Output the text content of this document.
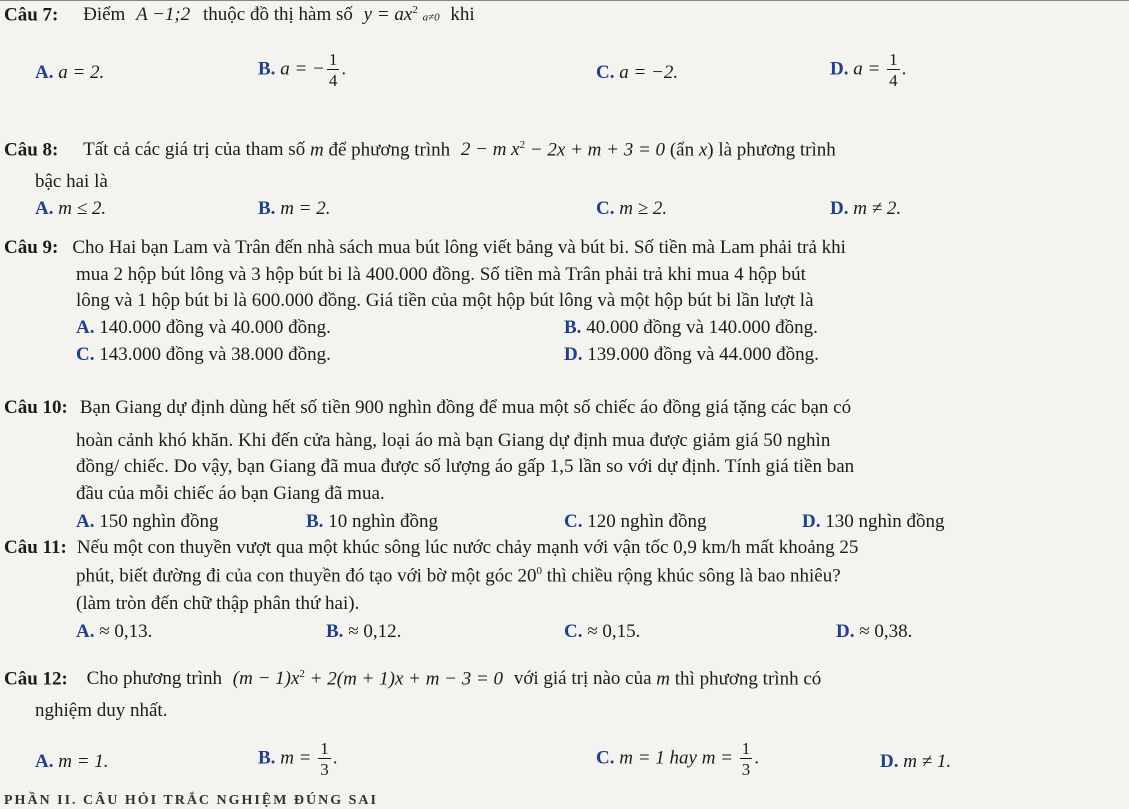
Câu 7: Điểm A −1;2 thuộc đồ thị hàm số $y = ax^2$ a≠0 khi
A. a = 2.	B. a = − $\frac{1}{4}$ .	C. a = −2.	D. $a = \frac{1}{4}$ .
Câu 8: Tất cả các giá trị của tham số m để phương trình 2 − m $x^2 - 2x + m + 3 = 0$ (ẩn x) là phương trình
bậc hai là
A. m ≤ 2.	B. m = 2.	C. m ≥ 2.	D. m ≠ 2.
Câu 9: Cho Hai bạn Lam và Trân đến nhà sách mua bút lông viết bảng và bút bi. Số tiền mà Lam phải trả khi
mua 2 hộp bút lông và 3 hộp bút bi là 400.000 đồng. Số tiền mà Trân phải trả khi mua 4 hộp bút
lông và 1 hộp bút bi là 600.000 đồng. Giá tiền của một hộp bút lông và một hộp bút bi lần lượt là
A. 140.000 đồng và 40.000 đồng.	B. 40.000 đồng và 140.000 đồng.
C. 143.000 đồng và 38.000 đồng.	D. 139.000 đồng và 44.000 đồng.
Câu 10: Bạn Giang dự định dùng hết số tiền 900 nghìn đồng để mua một số chiếc áo đồng giá tặng các bạn có
hoàn cảnh khó khăn. Khi đến cửa hàng, loại áo mà bạn Giang dự định mua được giảm giá 50 nghìn
đồng/ chiếc. Do vậy, bạn Giang đã mua được số lượng áo gấp 1,5 lần so với dự định. Tính giá tiền ban
đầu của mỗi chiếc áo bạn Giang đã mua.
A. 150 nghìn đồng	B. 10 nghìn đồng	C. 120 nghìn đồng	D. 130 nghìn đồng
Câu 11: Nếu một con thuyền vượt qua một khúc sông lúc nước chảy mạnh với vận tốc 0,9 km/h mất khoảng 25
phút, biết đường đi của con thuyền đó tạo với bờ một góc $20^0$ thì chiều rộng khúc sông là bao nhiêu?
(làm tròn đến chữ thập phân thứ hai).
A. ≈ 0,13.	B. ≈ 0,12.	C. ≈ 0,15.	D. ≈ 0,38.
Câu 12: Cho phương trình $(m - 1)x^2 + 2(m + 1)x + m - 3 = 0$ với giá trị nào của m thì phương trình có
nghiệm duy nhất.
A. m = 1.	B. $m = \frac{1}{3}$ .	C. m = 1 hay $m = \frac{1}{3}$ .	D. m ≠ 1.
PHẦN II. CÂU HỎI TRẮC NGHIỆM ĐÚNG SAI
